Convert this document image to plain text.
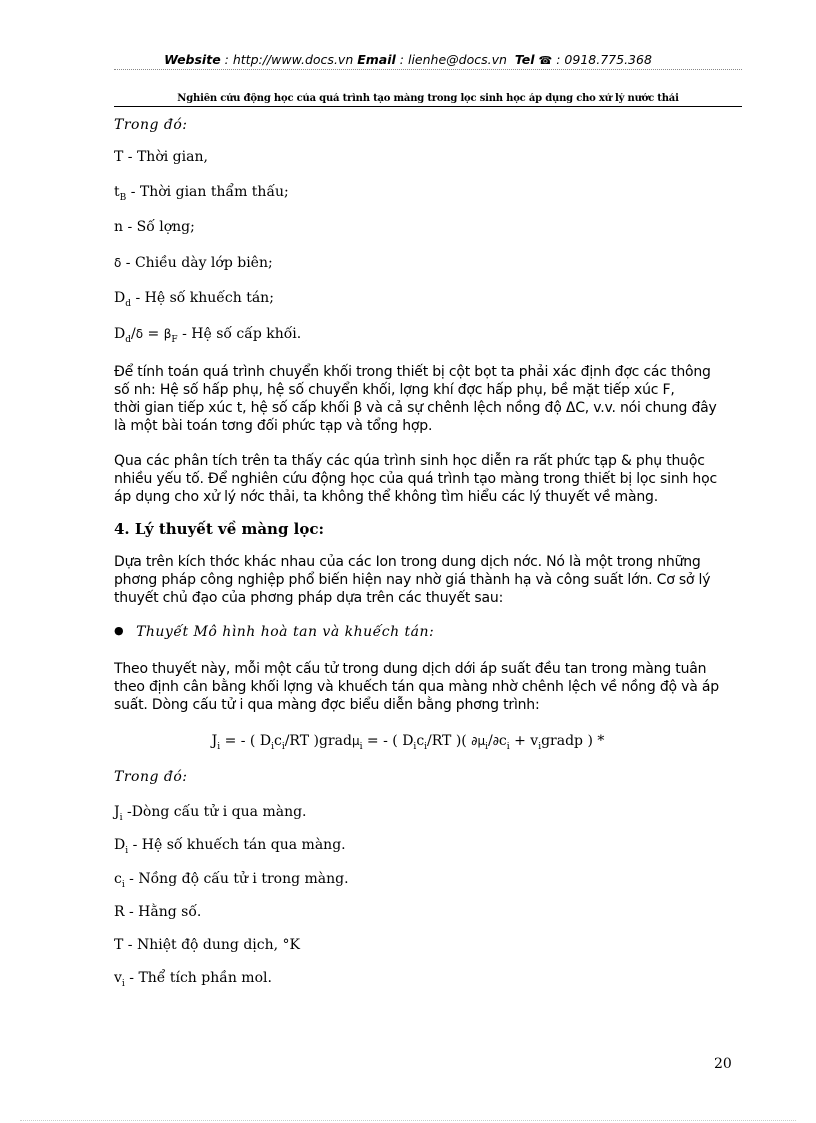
Website : http://www.docs.vn Email : lienhe@docs.vn Tel ☎ : 0918.775.368
Nghiên cứu động học của quá trình tạo màng trong lọc sinh học áp dụng cho xử lý nước thải
Trong đó:
T - Thời gian,
$t_B$ - Thời gian thẩm thấu;
n - Số lợng;
δ - Chiều dày lớp biên;
$D_d$ - Hệ số khuếch tán;
$D_d/\delta = \beta_F$ - Hệ số cấp khối.
Để tính toán quá trình chuyển khối trong thiết bị cột bọt ta phải xác định đợc các thông
số nh: Hệ số hấp phụ, hệ số chuyển khối, lợng khí đợc hấp phụ, bề mặt tiếp xúc F,
thời gian tiếp xúc t, hệ số cấp khối β và cả sự chênh lệch nồng độ ΔC, v.v. nói chung đây
là một bài toán tơng đối phức tạp và tổng hợp.
Qua các phân tích trên ta thấy các qúa trình sinh học diễn ra rất phức tạp & phụ thuộc
nhiều yếu tố. Để nghiên cứu động học của quá trình tạo màng trong thiết bị lọc sinh học
áp dụng cho xử lý nớc thải, ta không thể không tìm hiểu các lý thuyết về màng.
4. Lý thuyết về màng lọc:
Dựa trên kích thớc khác nhau của các Ion trong dung dịch nớc. Nó là một trong những
phơng pháp công nghiệp phổ biến hiện nay nhờ giá thành hạ và công suất lớn. Cơ sở lý
thuyết chủ đạo của phơng pháp dựa trên các thuyết sau:
● Thuyết Mô hình hoà tan và khuếch tán:
Theo thuyết này, mỗi một cấu tử trong dung dịch dới áp suất đều tan trong màng tuân
theo định cân bằng khối lợng và khuếch tán qua màng nhờ chênh lệch về nồng độ và áp
suất. Dòng cấu tử i qua màng đợc biểu diễn bằng phơng trình:
$J_i$ = - ( $D_ic_i/RT$ )gradμ$_i$ = - ( $D_ic_i/RT$ )( $\partial\mu_i/\partial c_i$ + $v_igradp$ ) *
Trong đó:
$J_i$ -Dòng cấu tử i qua màng.
$D_i$ - Hệ số khuếch tán qua màng.
$c_i$ - Nồng độ cấu tử i trong màng.
R - Hằng số.
T - Nhiệt độ dung dịch, °K
$v_i$ - Thể tích phần mol.
20
